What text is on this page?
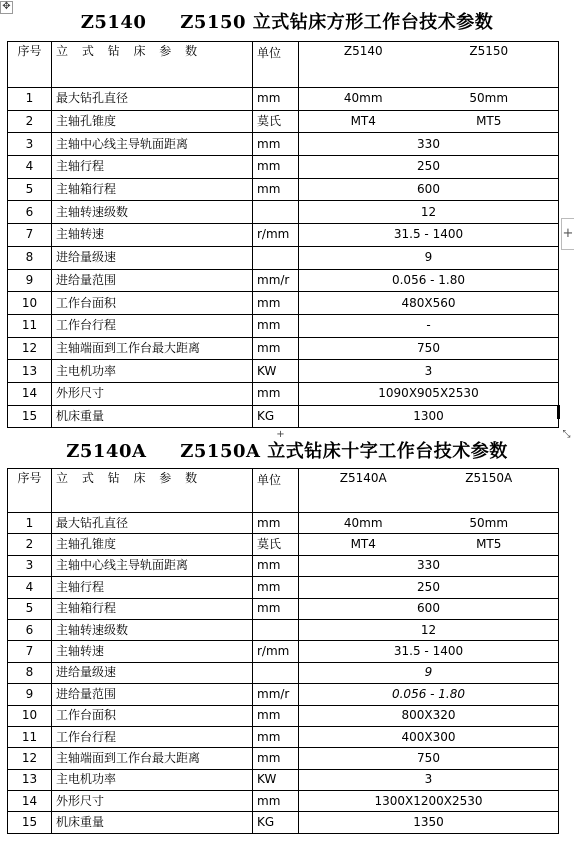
✥
+
+	⤡
Z5140     Z5150 立式钻床方形工作台技术参数
序号	立 式 钻 床 参 数	单位	Z5140 Z5150

1	最大钻孔直径	mm	40mm 50mm

2	主轴孔锥度	莫氏	MT4 MT5

3	主轴中心线主导轨面距离	mm	330
4	主轴行程	mm	250
5	主轴箱行程	mm	600
6	主轴转速级数		12
7	主轴转速	r/mm	31.5 - 1400
8	进给量级速		9
9	进给量范围	mm/r	0.056 - 1.80
10	工作台面积	mm	480X560
11	工作台行程	mm	-
12	主轴端面到工作台最大距离	mm	750
13	主电机功率	KW	3
14	外形尺寸	mm	1090X905X2530
15	机床重量	KG	1300
Z5140A     Z5150A 立式钻床十字工作台技术参数
序号	立 式 钻 床 参 数	单位	Z5140A Z5150A

1	最大钻孔直径	mm	40mm 50mm

2	主轴孔锥度	莫氏	MT4 MT5

3	主轴中心线主导轨面距离	mm	330
4	主轴行程	mm	250
5	主轴箱行程	mm	600
6	主轴转速级数		12
7	主轴转速	r/mm	31.5 - 1400
8	进给量级速		9
9	进给量范围	mm/r	0.056 - 1.80
10	工作台面积	mm	800X320
11	工作台行程	mm	400X300
12	主轴端面到工作台最大距离	mm	750
13	主电机功率	KW	3
14	外形尺寸	mm	1300X1200X2530
15	机床重量	KG	1350
